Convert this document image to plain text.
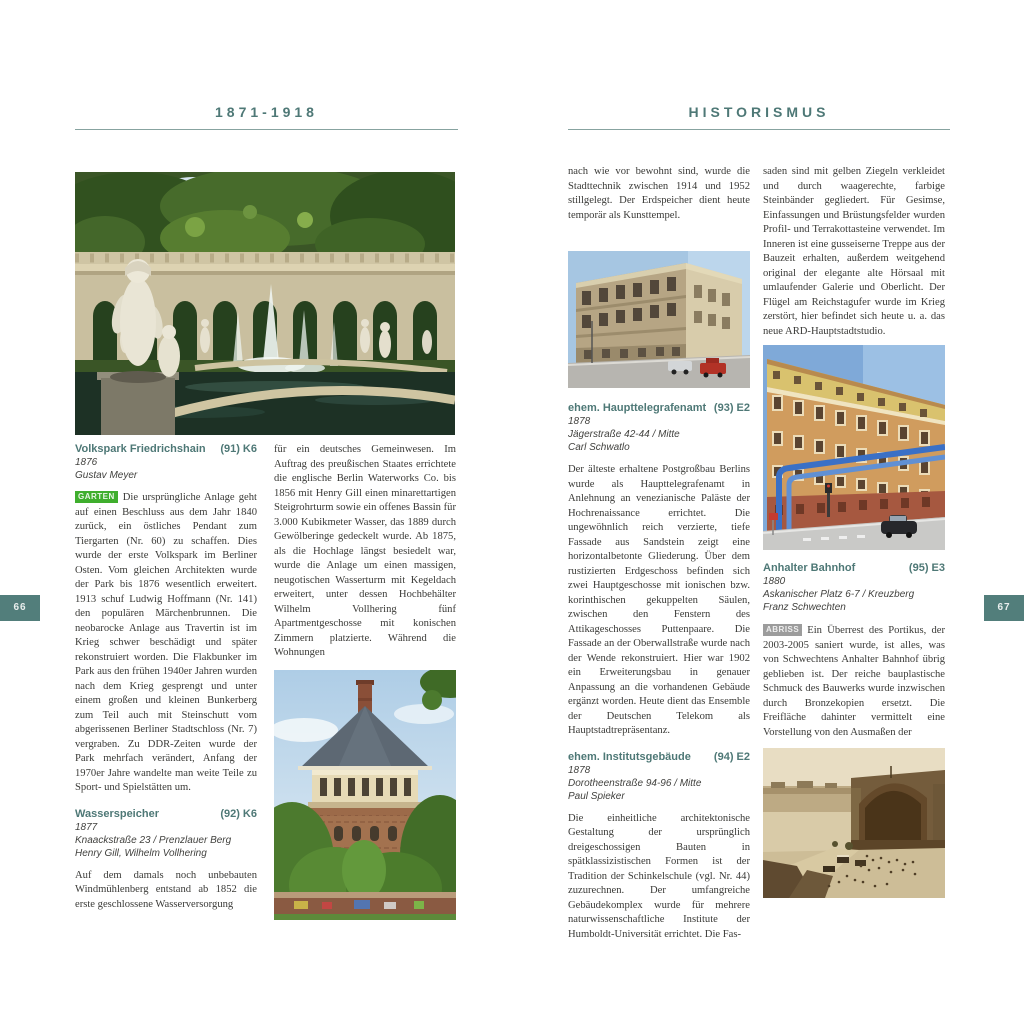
1871-1918
Volkspark Friedrichshain (91) K6
1876
Gustav Meyer

GARTEN Die ursprüngliche Anlage geht auf einen Beschluss aus dem Jahr 1840 zurück, ein östliches Pendant zum Tiergarten (Nr. 60) zu schaffen. Dies wurde der erste Volkspark im Berliner Osten. Vom gleichen Architekten wurde der Park bis 1876 wesentlich erweitert. 1913 schuf Ludwig Hoffmann (Nr. 141) den populären Märchenbrunnen. Die neobarocke Anlage aus Travertin ist im Krieg schwer beschädigt und später rekonstruiert worden. Die Flakbunker im Park aus den frühen 1940er Jahren wurden nach dem Krieg gesprengt und unter einem großen und kleinen Bunkerberg zum Teil auch mit Steinschutt vom abgerissenen Berliner Stadtschloss (Nr. 7) vergraben. Zu DDR-Zeiten wurde der Park mehrfach verändert, Anfang der 1970er Jahre wandelte man weite Teile zu Sport- und Spielstätten um.

Wasserspeicher	(92) K6
1877
Knaackstraße 23 / Prenzlauer Berg
Henry Gill, Wilhelm Vollhering

Auf dem damals noch unbebauten Windmühlenberg entstand ab 1852 die erste geschlossene Wasserversorgung

für ein deutsches Gemeinwesen. Im Auftrag des preußischen Staates errichtete die englische Berlin Waterworks Co. bis 1856 mit Henry Gill einen minarettartigen Steigrohrturm sowie ein offenes Bassin für 3.000 Kubikmeter Wasser, das 1889 durch Gewölberinge gedeckelt wurde. Ab 1875, als die Hochlage längst besiedelt war, wurde die Anlage um einen massigen, neugotischen Wasserturm mit Kegeldach erweitert, unter dessen Hochbehälter Wilhelm Vollhering fünf Apartmentgeschosse mit konischen Zimmern platzierte. Während die Wohnungen

66
HISTORISMUS

nach wie vor bewohnt sind, wurde die Stadttechnik zwischen 1914 und 1952 stillgelegt. Der Erdspeicher dient heute temporär als Kunsttempel.

ehem. Haupttelegrafenamt (93) E2
1878
Jägerstraße 42-44 / Mitte
Carl Schwatlo

Der älteste erhaltene Postgroßbau Berlins wurde als Haupttelegrafenamt in Anlehnung an venezianische Paläste der Hochrenaissance errichtet. Die ungewöhnlich reich verzierte, tiefe Fassade aus Sandstein zeigt eine horizontalbetonte Gliederung. Über dem rustizierten Erdgeschoss befinden sich zwei Hauptgeschosse mit ionischen bzw. korinthischen gekuppelten Säulen, zwischen den Fenstern des Attikageschosses Puttenpaare. Die Fassade an der Oberwallstraße wurde nach der Wende rekonstruiert. Hier war 1902 ein Erweiterungsbau in genauer Anpassung an die vorhandenen Gebäude ergänzt worden. Heute dient das Ensemble der Deutschen Telekom als Hauptstadtrepräsentanz.

ehem. Institutsgebäude (94) E2
1878
Dorotheenstraße 94-96 / Mitte
Paul Spieker

Die einheitliche architektonische Gestaltung der ursprünglich dreigeschossigen Bauten in spätklassizistischen Formen ist der Tradition der Schinkelschule (vgl. Nr. 44) zuzurechnen. Der umfangreiche Gebäudekomplex wurde für mehrere naturwissenschaftliche Institute der Humboldt-Universität errichtet. Die Fas-

saden sind mit gelben Ziegeln verkleidet und durch waagerechte, farbige Steinbänder gegliedert. Für Gesimse, Einfassungen und Brüstungsfelder wurden Profil- und Terrakottasteine verwendet. Im Inneren ist eine gusseiserne Treppe aus der Bauzeit erhalten, außerdem weitgehend original der elegante alte Hörsaal mit umlaufender Galerie und Oberlicht. Der Flügel am Reichstagufer wurde im Krieg zerstört, hier befindet sich heute u. a. das neue ARD-Hauptstadtstudio.

Anhalter Bahnhof	(95) E3
1880
Askanischer Platz 6-7 / Kreuzberg
Franz Schwechten

ABRISS Ein Überrest des Portikus, der 2003-2005 saniert wurde, ist alles, was von Schwechtens Anhalter Bahnhof übrig geblieben ist. Der reiche bauplastische Schmuck des Bauwerks wurde inzwischen durch Bronzekopien ersetzt. Die Freifläche dahinter vermittelt eine Vorstellung von den Ausmaßen der

67
